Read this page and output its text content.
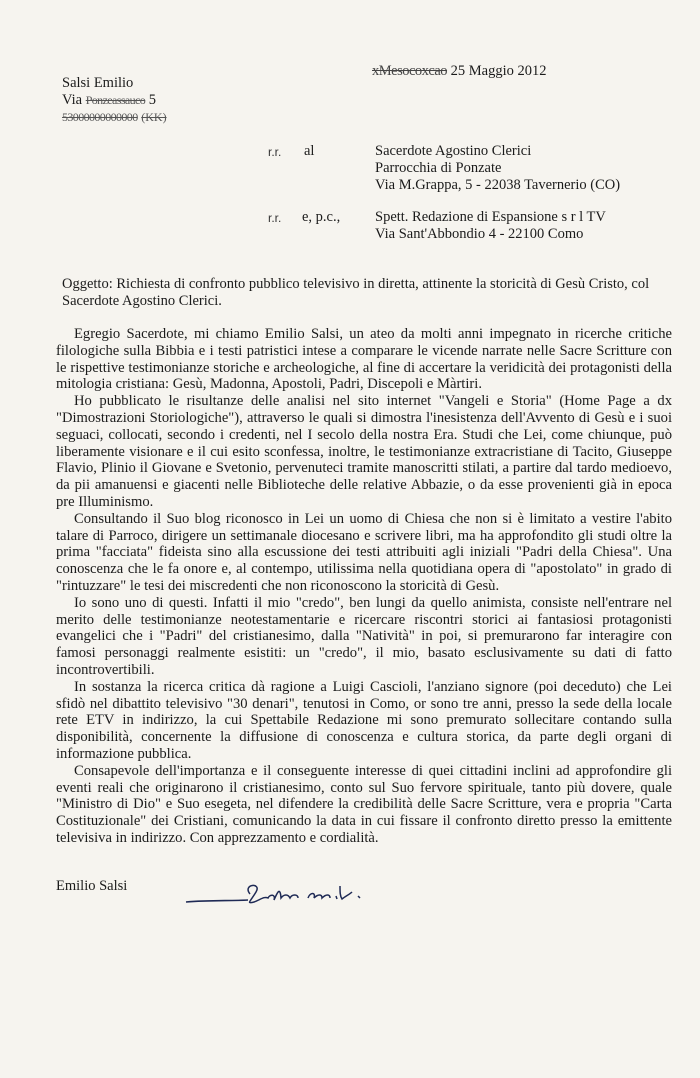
xMesocoxcao 25 Maggio 2012
Salsi Emilio
Via Ponzeassauco 5
53000000000000 (KK)
r.r. al	Sacerdote Agostino Clerici
Parrocchia di Ponzate
Via M.Grappa, 5 - 22038 Tavernerio (CO)
r.r. e, p.c., Spett. Redazione di Espansione s r l TV
Via Sant'Abbondio 4 - 22100 Como
Oggetto: Richiesta di confronto pubblico televisivo in diretta, attinente la storicità di Gesù Cristo, col Sacerdote Agostino Clerici.

Egregio Sacerdote, mi chiamo Emilio Salsi, un ateo da molti anni impegnato in ricerche critiche filologiche sulla Bibbia e i testi patristici intese a comparare le vicende narrate nelle Sacre Scritture con le rispettive testimonianze storiche e archeologiche, al fine di accertare la veridicità dei protagonisti della mitologia cristiana: Gesù, Madonna, Apostoli, Padri, Discepoli e Màrtiri.

Ho pubblicato le risultanze delle analisi nel sito internet "Vangeli e Storia" (Home Page a dx "Dimostrazioni Storiologiche"), attraverso le quali si dimostra l'inesistenza dell'Avvento di Gesù e i suoi seguaci, collocati, secondo i credenti, nel I secolo della nostra Era. Studi che Lei, come chiunque, può liberamente visionare e il cui esito sconfessa, inoltre, le testimonianze extracristiane di Tacito, Giuseppe Flavio, Plinio il Giovane e Svetonio, pervenuteci tramite manoscritti stilati, a partire dal tardo medioevo, da pii amanuensi e giacenti nelle Biblioteche delle relative Abbazie, o da esse provenienti già in epoca pre Illuminismo.

Consultando il Suo blog riconosco in Lei un uomo di Chiesa che non si è limitato a vestire l'abito talare di Parroco, dirigere un settimanale diocesano e scrivere libri, ma ha approfondito gli studi oltre la prima "facciata" fideista sino alla escussione dei testi attribuiti agli iniziali "Padri della Chiesa". Una conoscenza che le fa onore e, al contempo, utilissima nella quotidiana opera di "apostolato" in grado di "rintuzzare" le tesi dei miscredenti che non riconoscono la storicità di Gesù.

Io sono uno di questi. Infatti il mio "credo", ben lungi da quello animista, consiste nell'entrare nel merito delle testimonianze neotestamentarie e ricercare riscontri storici ai fantasiosi protagonisti evangelici che i "Padri" del cristianesimo, dalla "Natività" in poi, si premurarono far interagire con famosi personaggi realmente esistiti: un "credo", il mio, basato esclusivamente su dati di fatto incontrovertibili.

In sostanza la ricerca critica dà ragione a Luigi Cascioli, l'anziano signore (poi deceduto) che Lei sfidò nel dibattito televisivo "30 denari", tenutosi in Como, or sono tre anni, presso la sede della locale rete ETV in indirizzo, la cui Spettabile Redazione mi sono premurato sollecitare contando sulla disponibilità, concernente la diffusione di conoscenza e cultura storica, da parte degli organi di informazione pubblica.

Consapevole dell'importanza e il conseguente interesse di quei cittadini inclini ad approfondire gli eventi reali che originarono il cristianesimo, conto sul Suo fervore spirituale, tanto più dovere, quale "Ministro di Dio" e Suo esegeta, nel difendere la credibilità delle Sacre Scritture, vera e propria "Carta Costituzionale" dei Cristiani, comunicando la data in cui fissare il confronto diretto presso la emittente televisiva in indirizzo. Con apprezzamento e cordialità.

Emilio Salsi
